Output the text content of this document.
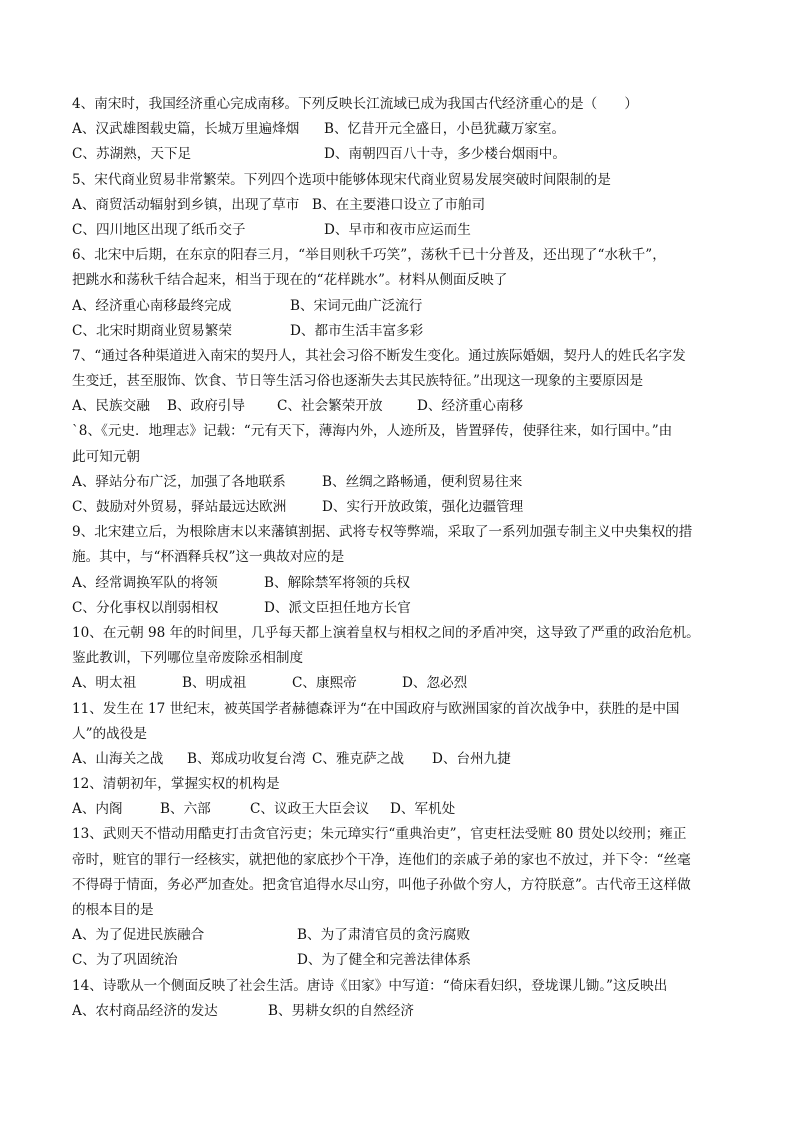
4、南宋时，我国经济重心完成南移。下列反映长江流域已成为我国古代经济重心的是（　　）
A、汉武雄图载史篇，长城万里遍烽烟	B、忆昔开元全盛日，小邑犹藏万家室。
C、苏湖熟，天下足	D、南朝四百八十寺，多少楼台烟雨中。
5、宋代商业贸易非常繁荣。下列四个选项中能够体现宋代商业贸易发展突破时间限制的是
A、商贸活动辐射到乡镇，出现了草市 B、在主要港口设立了市舶司
C、四川地区出现了纸币交子	D、早市和夜市应运而生
6、北宋中后期，在东京的阳春三月，“举目则秋千巧笑”，荡秋千已十分普及，还出现了“水秋千”，
把跳水和荡秋千结合起来，相当于现在的“花样跳水”。材料从侧面反映了
A、经济重心南移最终完成	B、宋词元曲广泛流行
C、北宋时期商业贸易繁荣	D、都市生活丰富多彩
7、“通过各种渠道进入南宋的契丹人，其社会习俗不断发生变化。通过族际婚姻，契丹人的姓氏名字发
生变迁，甚至服饰、饮食、节日等生活习俗也逐渐失去其民族特征。”出现这一现象的主要原因是
A、民族交融	B、政府引导	C、社会繁荣开放	D、经济重心南移
`8、《元史．地理志》记载：“元有天下，薄海内外，人迹所及，皆置驿传，使驿往来，如行国中。”由
此可知元朝
A、驿站分布广泛，加强了各地联系	B、丝绸之路畅通，便利贸易往来
C、鼓励对外贸易，驿站最远达欧洲	D、实行开放政策，强化边疆管理
9、北宋建立后，为根除唐末以来藩镇割据、武将专权等弊端，采取了一系列加强专制主义中央集权的措
施。其中，与“杯酒释兵权”这一典故对应的是
A、经常调换军队的将领	B、解除禁军将领的兵权
C、分化事权以削弱相权	D、派文臣担任地方长官
10、在元朝 98 年的时间里，几乎每天都上演着皇权与相权之间的矛盾冲突，这导致了严重的政治危机。
鉴此教训，下列哪位皇帝废除丞相制度
A、明太祖	B、明成祖	C、康熙帝	D、忽必烈
11、发生在 17 世纪末，被英国学者赫德森评为“在中国政府与欧洲国家的首次战争中，获胜的是中国
人”的战役是
A、山海关之战	B、郑成功收复台湾 C、雅克萨之战	D、台州九捷
12、清朝初年，掌握实权的机构是
A、内阁	B、六部	C、议政王大臣会议	D、军机处
13、武则天不惜动用酷吏打击贪官污吏；朱元璋实行“重典治吏”，官吏枉法受赃 80 贯处以绞刑；雍正
帝时，赃官的罪行一经核实，就把他的家底抄个干净，连他们的亲戚子弟的家也不放过，并下令：“丝毫
不得碍于情面，务必严加查处。把贪官追得水尽山穷，叫他子孙做个穷人，方符朕意”。古代帝王这样做
的根本目的是
A、为了促进民族融合	B、为了肃清官员的贪污腐败
C、为了巩固统治	D、为了健全和完善法律体系
14、诗歌从一个侧面反映了社会生活。唐诗《田家》中写道：“倚床看妇织，登垅课儿锄。”这反映出
A、农村商品经济的发达	B、男耕女织的自然经济
